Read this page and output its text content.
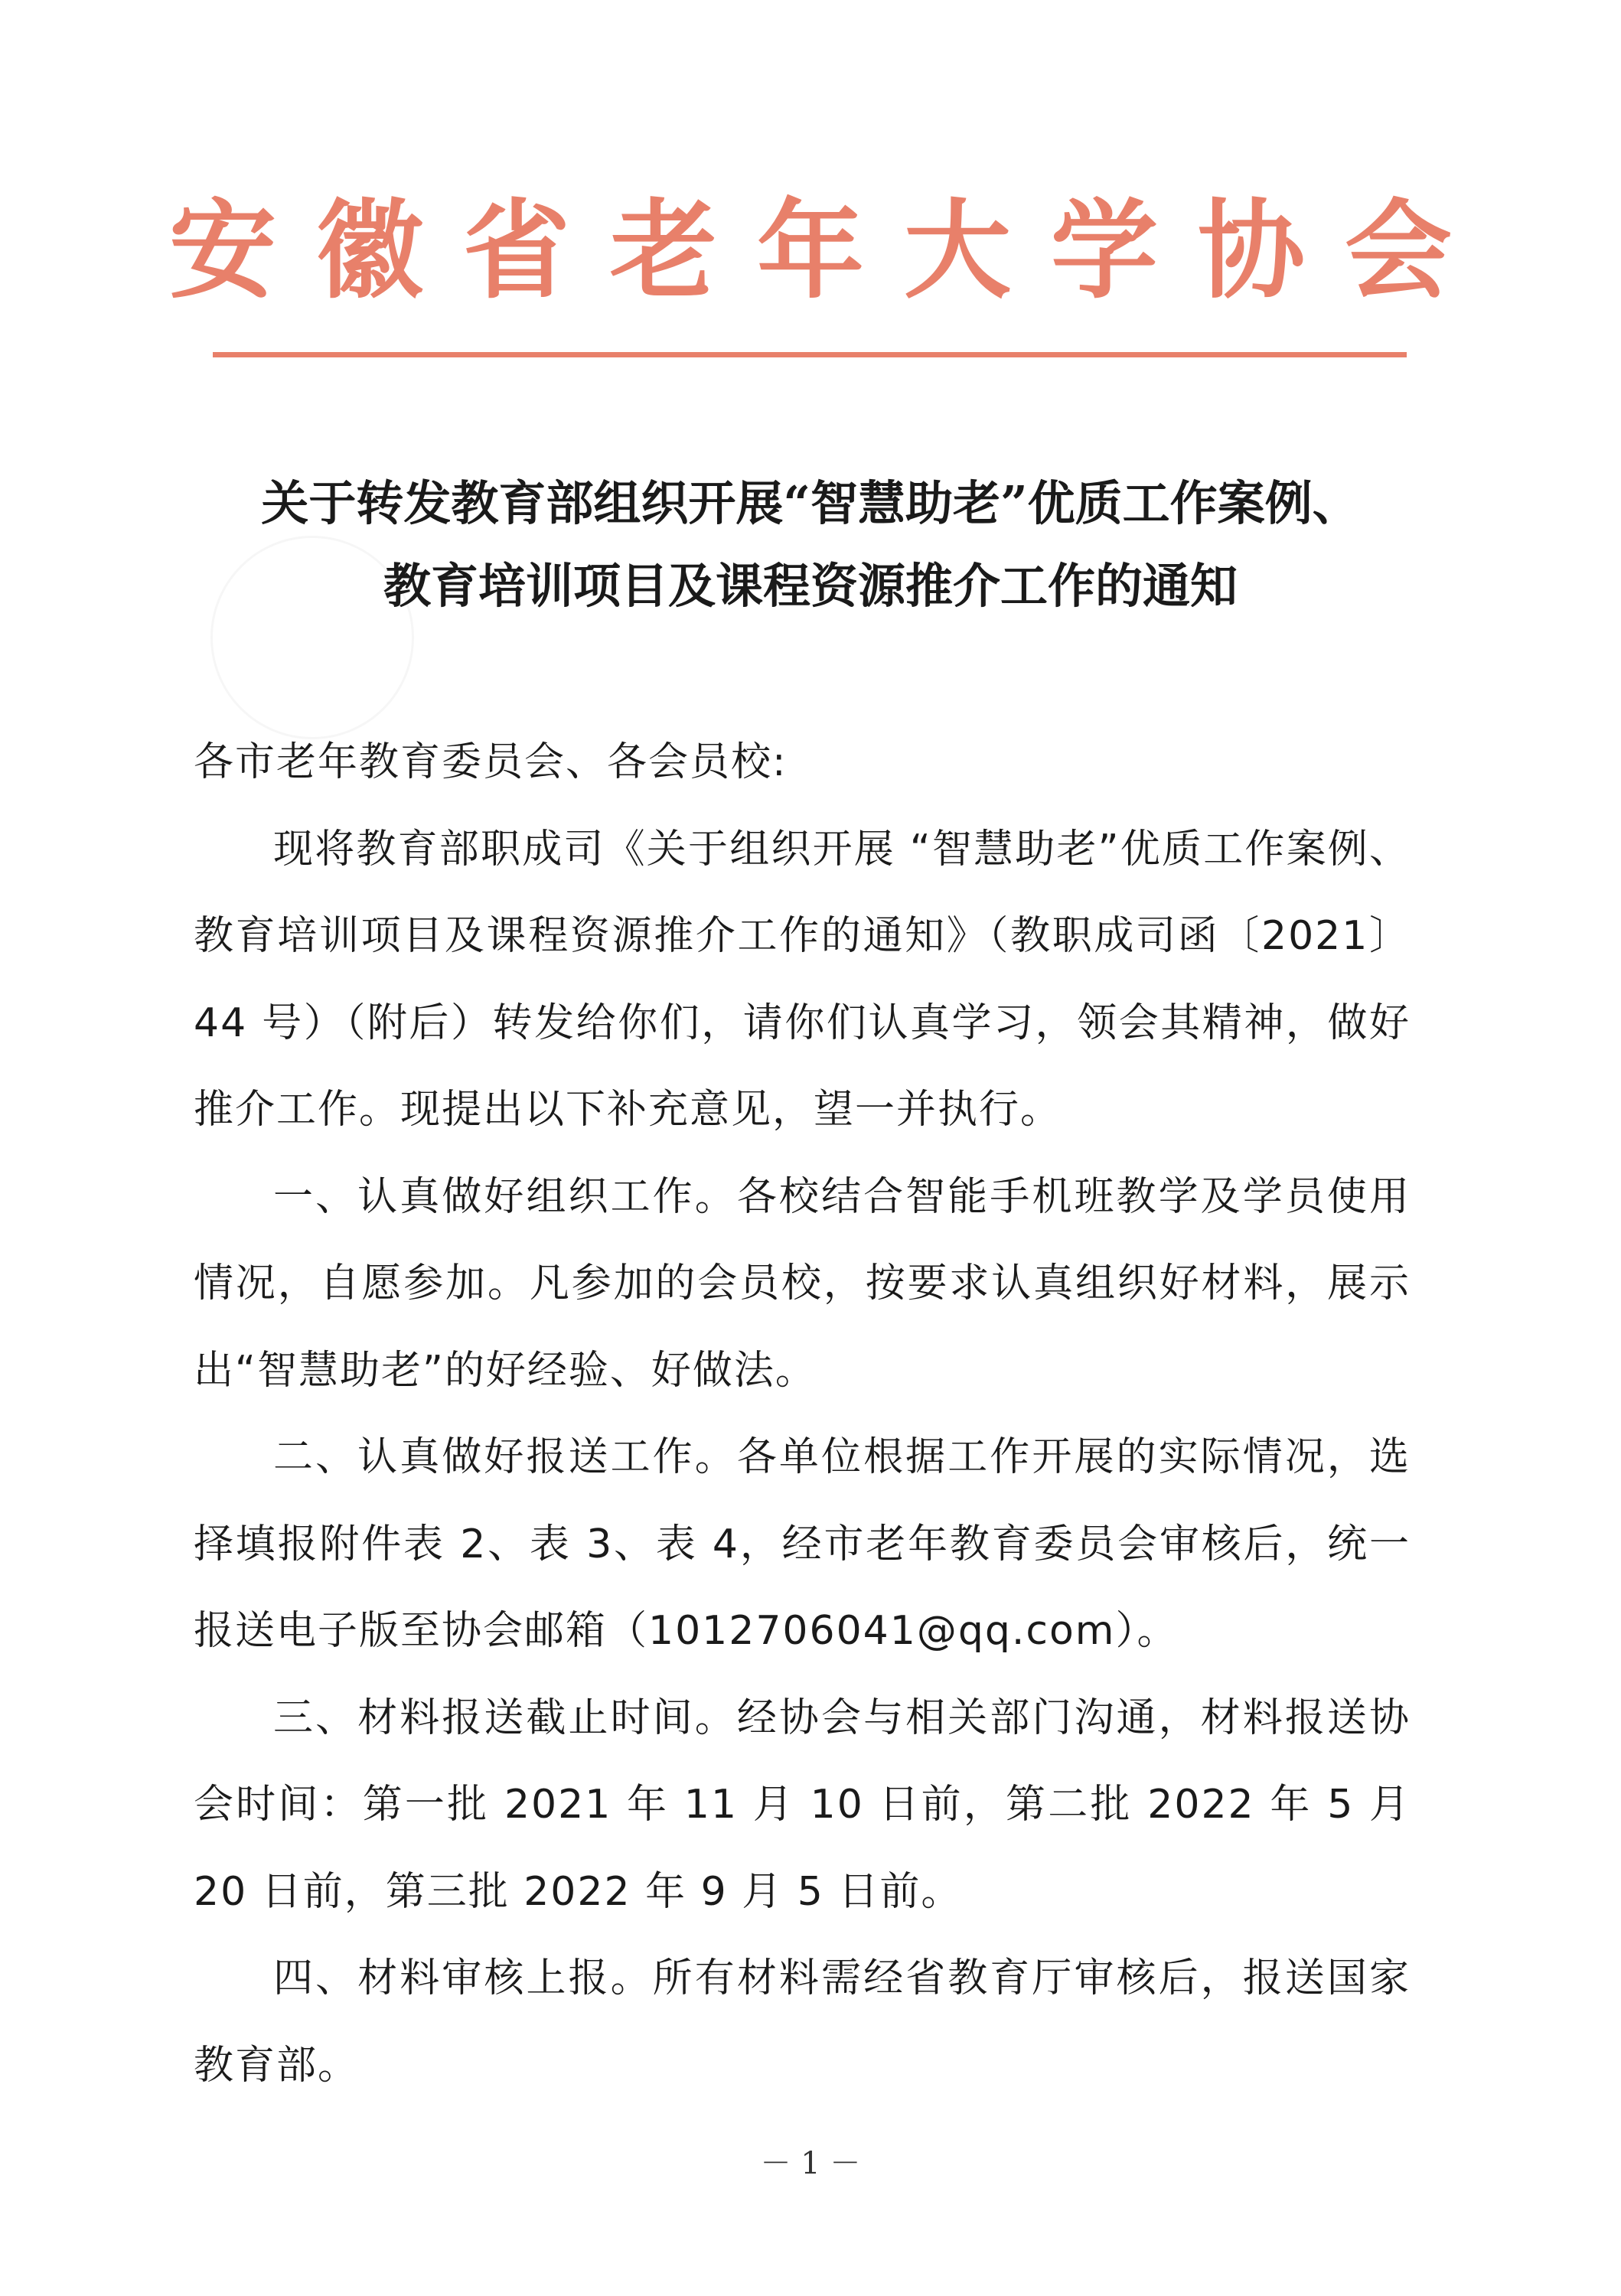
安徽省老年大学协会
关于转发教育部组织开展“智慧助老”优质工作案例、
教育培训项目及课程资源推介工作的通知

各市老年教育委员会、各会员校:

现将教育部职成司《关于组织开展 “智慧助老”优质工作案例、教育培训项目及课程资源推介工作的通知》（教职成司函〔2021〕44 号）（附后）转发给你们，请你们认真学习，领会其精神，做好推介工作。现提出以下补充意见，望一并执行。

一、认真做好组织工作。各校结合智能手机班教学及学员使用情况，自愿参加。凡参加的会员校，按要求认真组织好材料，展示出“智慧助老”的好经验、好做法。

二、认真做好报送工作。各单位根据工作开展的实际情况，选择填报附件表 2、表 3、表 4，经市老年教育委员会审核后，统一报送电子版至协会邮箱（1012706041@qq.com）。

三、材料报送截止时间。经协会与相关部门沟通，材料报送协会时间：第一批 2021 年 11 月 10 日前，第二批 2022 年 5 月 20 日前，第三批 2022 年 9 月 5 日前。

四、材料审核上报。所有材料需经省教育厅审核后，报送国家教育部。

－ 1 －
